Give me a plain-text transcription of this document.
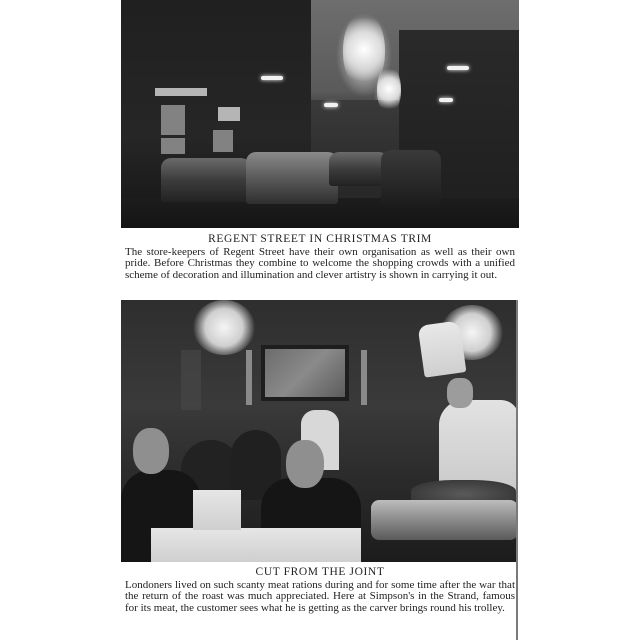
REGENT STREET IN CHRISTMAS TRIM

The store-keepers of Regent Street have their own organisation as well as their own pride. Before Christmas they combine to welcome the shopping crowds with a unified scheme of decoration and illumination and clever artistry is shown in carrying it out.

CUT FROM THE JOINT

Londoners lived on such scanty meat rations during and for some time after the war that the return of the roast was much appreciated. Here at Simpson's in the Strand, famous for its meat, the customer sees what he is getting as the carver brings round his trolley.
